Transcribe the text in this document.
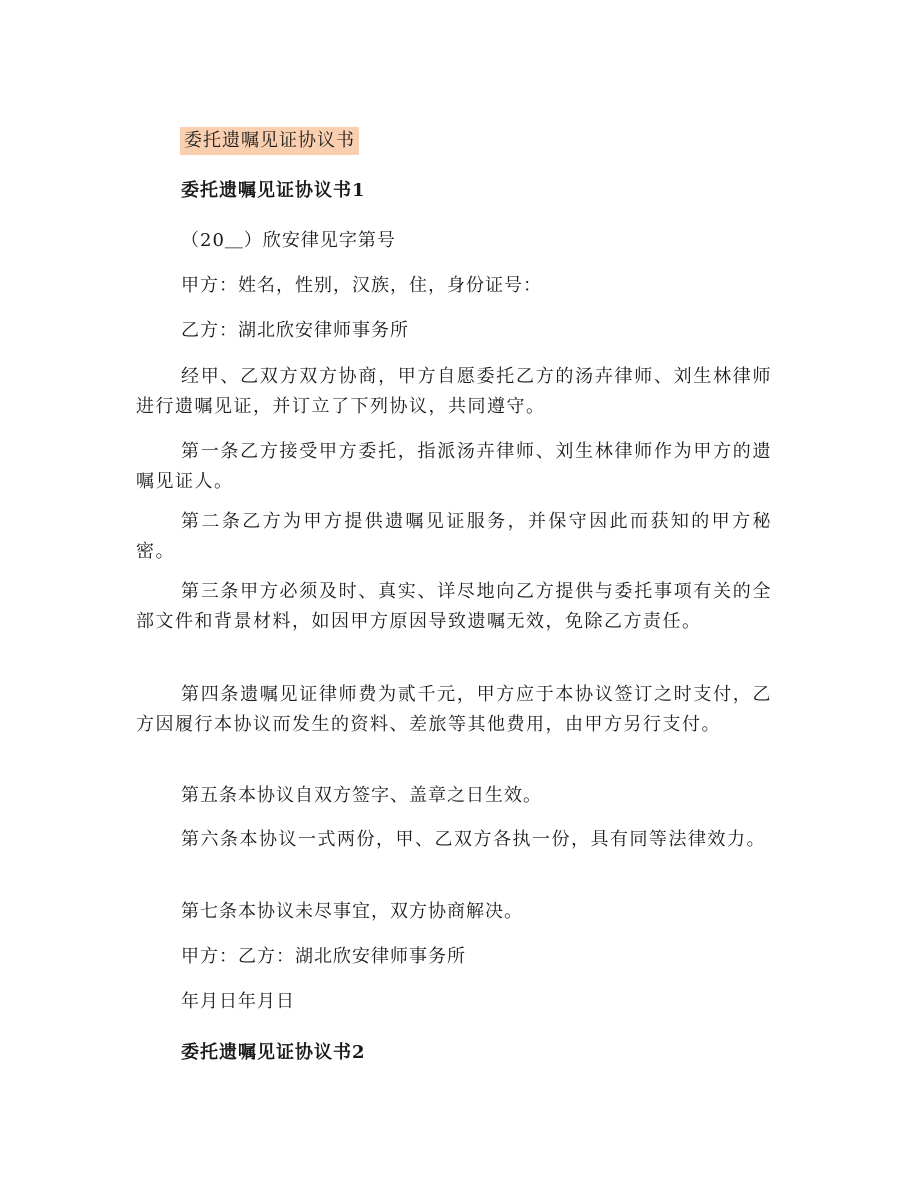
委托遗嘱见证协议书
委托遗嘱见证协议书1
（20＿）欣安律见字第号
甲方：姓名，性别，汉族，住，身份证号：
乙方：湖北欣安律师事务所
经甲、乙双方双方协商，甲方自愿委托乙方的汤卉律师、刘生林律师进行遗嘱见证，并订立了下列协议，共同遵守。
第一条乙方接受甲方委托，指派汤卉律师、刘生林律师作为甲方的遗嘱见证人。
第二条乙方为甲方提供遗嘱见证服务，并保守因此而获知的甲方秘密。
第三条甲方必须及时、真实、详尽地向乙方提供与委托事项有关的全部文件和背景材料，如因甲方原因导致遗嘱无效，免除乙方责任。
第四条遗嘱见证律师费为贰千元，甲方应于本协议签订之时支付，乙方因履行本协议而发生的资料、差旅等其他费用，由甲方另行支付。
第五条本协议自双方签字、盖章之日生效。
第六条本协议一式两份，甲、乙双方各执一份，具有同等法律效力。
第七条本协议未尽事宜，双方协商解决。
甲方：乙方：湖北欣安律师事务所
年月日年月日
委托遗嘱见证协议书2
